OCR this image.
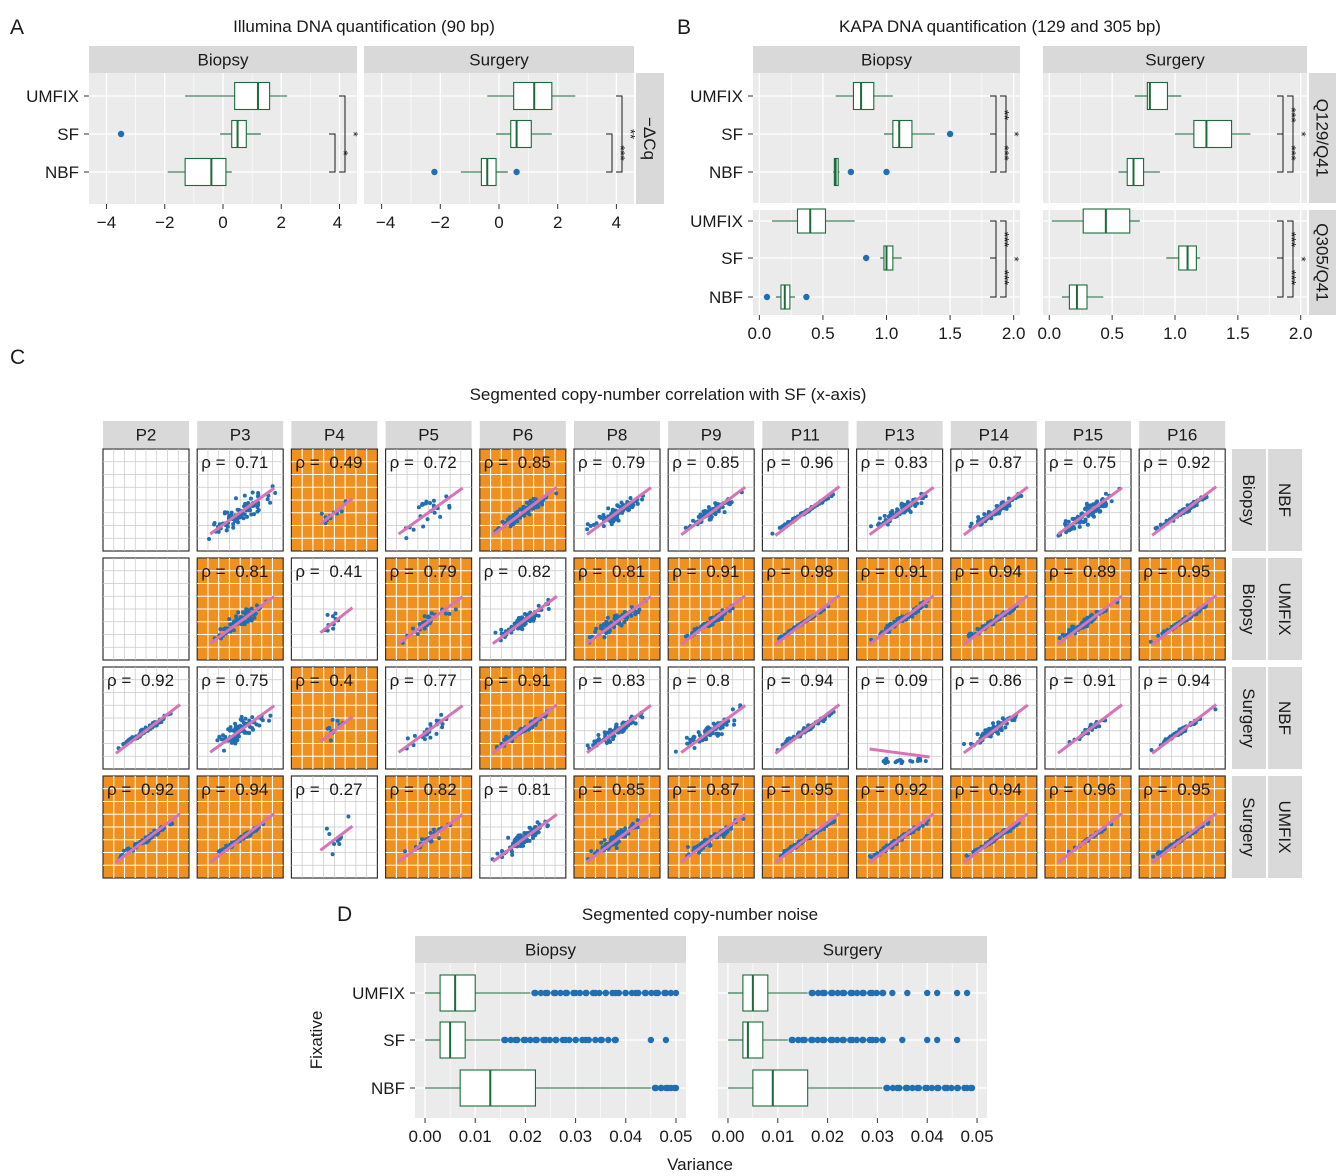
A	Illumina DNA quantification (90 bp)
Biopsy
−4 −2	0	2	4
Surgery
−4 −2	0	2	4
−ΔCq
UMFIX
SF
NBF
*
*
***
**
B	KAPA DNA quantification (129 and 305 bp)
Biopsy	Surgery
**
***
*
***
***
* Q129/Q41
UMFIX
SF
NBF
0.0 0.5 1.0 1.5 2.0
***
***
*
0.0 0.5 1.0 1.5 2.0
***
***
* Q305/Q41
UMFIX
SF
NBF
C
Segmented copy-number correlation with SF (x-axis)
P2	P3	P4	P5	P6	P8	P9	P11	P13	P14	P15	P16
ρ = 0.71 ρ = 0.49 ρ = 0.72 ρ = 0.85 ρ = 0.79 ρ = 0.85 ρ = 0.96 ρ = 0.83 ρ = 0.87 ρ = 0.75 ρ = 0.92
Biopsy NBF
ρ = 0.81 ρ = 0.41 ρ = 0.79 ρ = 0.82 ρ = 0.81 ρ = 0.91 ρ = 0.98 ρ = 0.91 ρ = 0.94 ρ = 0.89 ρ = 0.95
Biopsy UMFIX
ρ = 0.92 ρ = 0.75 ρ = 0.4 ρ = 0.77 ρ = 0.91 ρ = 0.83 ρ = 0.8 ρ = 0.94 ρ = 0.09 ρ = 0.86 ρ = 0.91 ρ = 0.94
Surgery NBF
ρ = 0.92 ρ = 0.94 ρ = 0.27 ρ = 0.82 ρ = 0.81 ρ = 0.85 ρ = 0.87 ρ = 0.95 ρ = 0.92 ρ = 0.94 ρ = 0.96 ρ = 0.95
Surgery UMFIX
D	Segmented copy-number noise
Biopsy
0.00 0.01 0.02 0.03 0.04 0.05
Surgery
0.00 0.01 0.02 0.03 0.04 0.05
UMFIX
SF
NBF
Variance
Fixative
